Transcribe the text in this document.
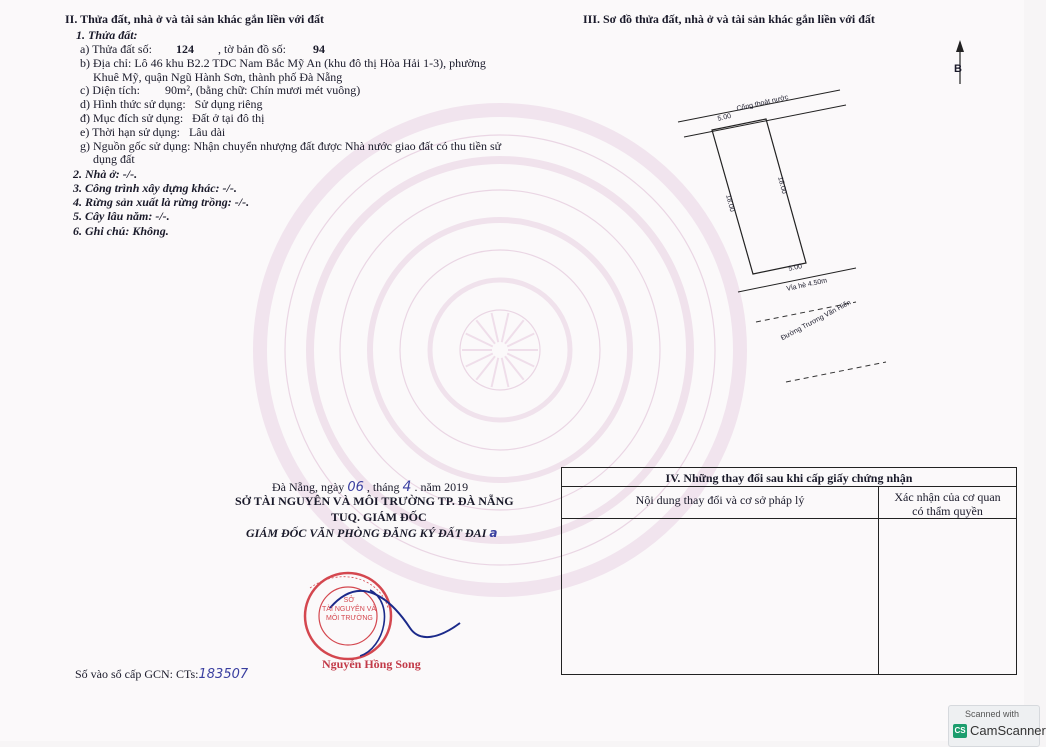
II. Thửa đất, nhà ở và tài sản khác gắn liền với đất
1. Thửa đất:
a) Thửa đất số: 124 , tờ bản đồ số: 94
b) Địa chỉ: Lô 46 khu B2.2 TDC Nam Bắc Mỹ An (khu đô thị Hòa Hải 1-3), phường
Khuê Mỹ, quận Ngũ Hành Sơn, thành phố Đà Nẵng
c) Diện tích: 90m², (bằng chữ: Chín mươi mét vuông)
d) Hình thức sử dụng: Sử dụng riêng
đ) Mục đích sử dụng: Đất ở tại đô thị
e) Thời hạn sử dụng: Lâu dài
g) Nguồn gốc sử dụng: Nhận chuyển nhượng đất được Nhà nước giao đất có thu tiền sử
dụng đất
2. Nhà ở: -/-.
3. Công trình xây dựng khác: -/-.
4. Rừng sản xuất là rừng trồng: -/-.
5. Cây lâu năm: -/-.
6. Ghi chú: Không.
III. Sơ đồ thửa đất, nhà ở và tài sản khác gắn liền với đất
B
Cống thoát nước
5.00
18.00
18.00
5.00
Vỉa hè 4.50m
Đường Trương Văn Hiến
Đà Nẵng, ngày 06 , tháng 4 . năm 2019
SỞ TÀI NGUYÊN VÀ MÔI TRƯỜNG TP. ĐÀ NẴNG
TUQ. GIÁM ĐỐC
GIÁM ĐỐC VĂN PHÒNG ĐĂNG KÝ ĐẤT ĐAI a
SỞ
TÀI NGUYÊN VÀ
MÔI TRƯỜNG
Nguyễn Hồng Song
Số vào sổ cấp GCN: CTs:183507
IV. Những thay đổi sau khi cấp giấy chứng nhận	
Nội dung thay đổi và cơ sở pháp lý	Xác nhận của cơ quan
có thẩm quyền

Scanned with
CS CamScanner
